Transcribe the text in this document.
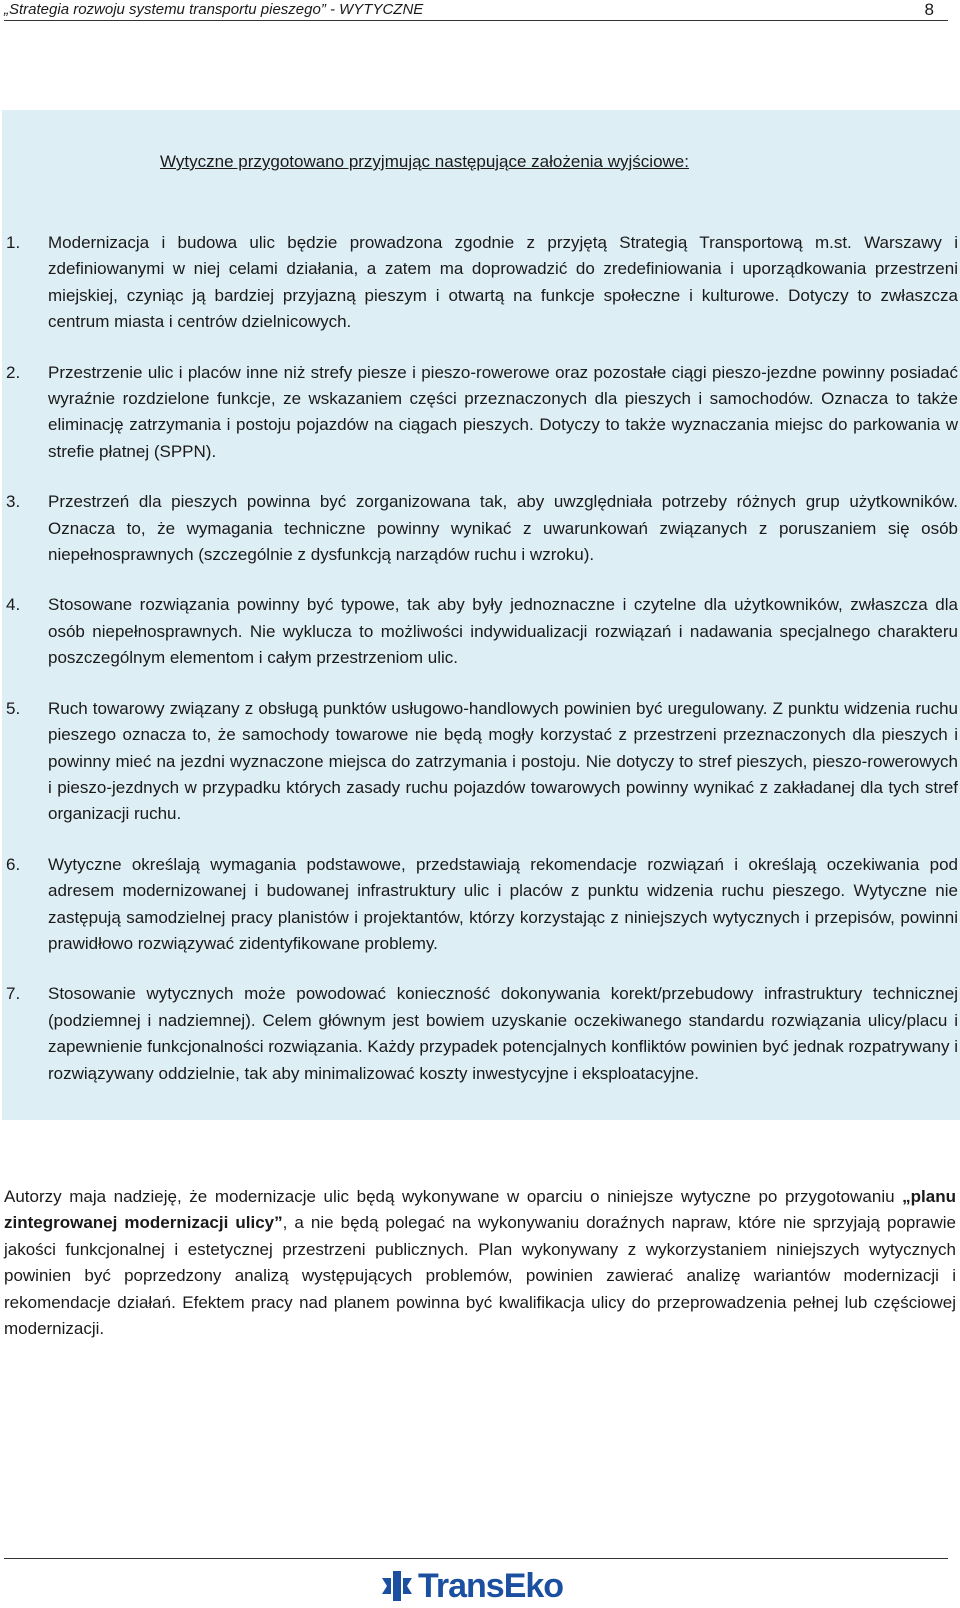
„Strategia rozwoju systemu transportu pieszego” - WYTYCZNE	8
Wytyczne przygotowano przyjmując następujące założenia wyjściowe:
1. Modernizacja i budowa ulic będzie prowadzona zgodnie z przyjętą Strategią Transportową m.st. Warszawy i zdefiniowanymi w niej celami działania, a zatem ma doprowadzić do zredefiniowania i uporządkowania przestrzeni miejskiej, czyniąc ją bardziej przyjazną pieszym i otwartą na funkcje społeczne i kulturowe. Dotyczy to zwłaszcza centrum miasta i centrów dzielnicowych.
2. Przestrzenie ulic i placów inne niż strefy piesze i pieszo-rowerowe oraz pozostałe ciągi pieszo-jezdne powinny posiadać wyraźnie rozdzielone funkcje, ze wskazaniem części przeznaczonych dla pieszych i samochodów. Oznacza to także eliminację zatrzymania i postoju pojazdów na ciągach pieszych. Dotyczy to także wyznaczania miejsc do parkowania w strefie płatnej (SPPN).
3. Przestrzeń dla pieszych powinna być zorganizowana tak, aby uwzględniała potrzeby różnych grup użytkowników. Oznacza to, że wymagania techniczne powinny wynikać z uwarunkowań związanych z poruszaniem się osób niepełnosprawnych (szczególnie z dysfunkcją narządów ruchu i wzroku).
4. Stosowane rozwiązania powinny być typowe, tak aby były jednoznaczne i czytelne dla użytkowników, zwłaszcza dla osób niepełnosprawnych. Nie wyklucza to możliwości indywidualizacji rozwiązań i nadawania specjalnego charakteru poszczególnym elementom i całym przestrzeniom ulic.
5. Ruch towarowy związany z obsługą punktów usługowo-handlowych powinien być uregulowany. Z punktu widzenia ruchu pieszego oznacza to, że samochody towarowe nie będą mogły korzystać z przestrzeni przeznaczonych dla pieszych i powinny mieć na jezdni wyznaczone miejsca do zatrzymania i postoju. Nie dotyczy to stref pieszych, pieszo-rowerowych i pieszo-jezdnych w przypadku których zasady ruchu pojazdów towarowych powinny wynikać z zakładanej dla tych stref organizacji ruchu.
6. Wytyczne określają wymagania podstawowe, przedstawiają rekomendacje rozwiązań i określają oczekiwania pod adresem modernizowanej i budowanej infrastruktury ulic i placów z punktu widzenia ruchu pieszego. Wytyczne nie zastępują samodzielnej pracy planistów i projektantów, którzy korzystając z niniejszych wytycznych i przepisów, powinni prawidłowo rozwiązywać zidentyfikowane problemy.
7. Stosowanie wytycznych może powodować konieczność dokonywania korekt/przebudowy infrastruktury technicznej (podziemnej i nadziemnej). Celem głównym jest bowiem uzyskanie oczekiwanego standardu rozwiązania ulicy/placu i zapewnienie funkcjonalności rozwiązania. Każdy przypadek potencjalnych konfliktów powinien być jednak rozpatrywany i rozwiązywany oddzielnie, tak aby minimalizować koszty inwestycyjne i eksploatacyjne.
Autorzy maja nadzieję, że modernizacje ulic będą wykonywane w oparciu o niniejsze wytyczne po przygotowaniu „planu zintegrowanej modernizacji ulicy”, a nie będą polegać na wykonywaniu doraźnych napraw, które nie sprzyjają poprawie jakości funkcjonalnej i estetycznej przestrzeni publicznych. Plan wykonywany z wykorzystaniem niniejszych wytycznych powinien być poprzedzony analizą występujących problemów, powinien zawierać analizę wariantów modernizacji i rekomendacje działań. Efektem pracy nad planem powinna być kwalifikacja ulicy do przeprowadzenia pełnej lub częściowej modernizacji.
TransEko
